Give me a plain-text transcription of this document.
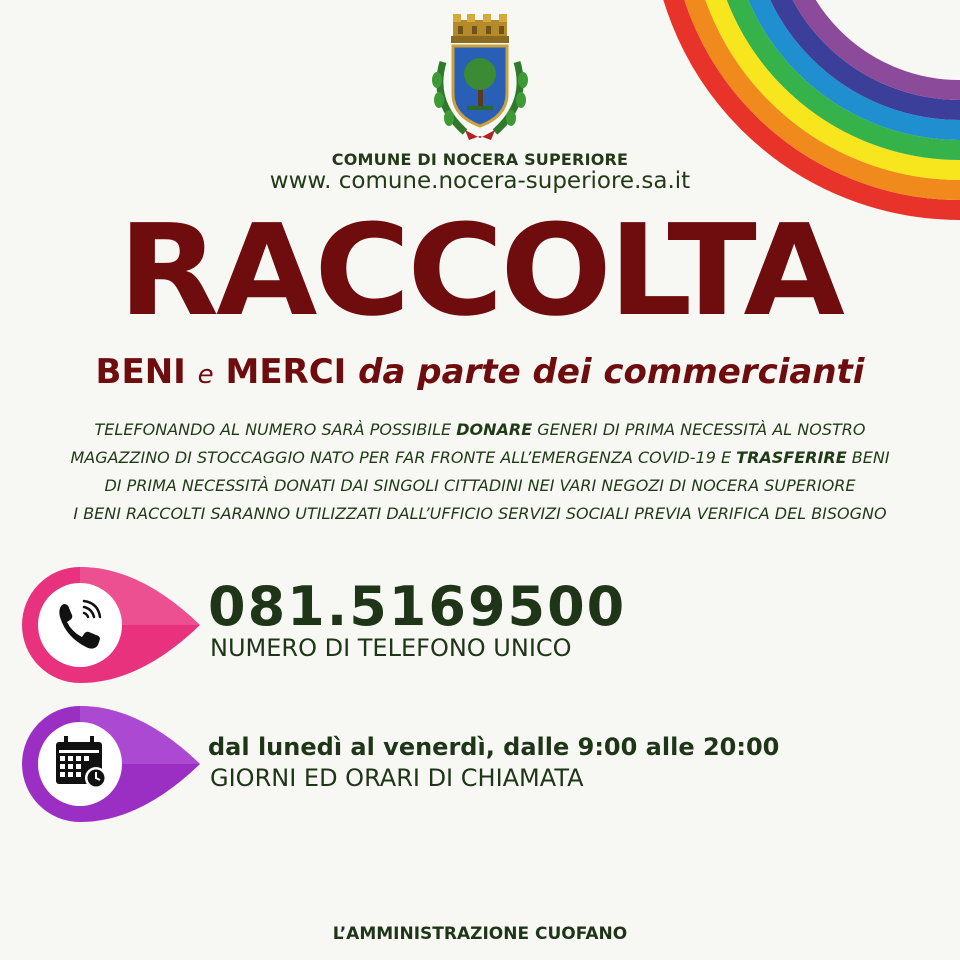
COMUNE DI NOCERA SUPERIORE
www. comune.nocera-superiore.sa.it
RACCOLTA
BENI e MERCI da parte dei commercianti
TELEFONANDO AL NUMERO SARÀ POSSIBILE DONARE GENERI DI PRIMA NECESSITÀ AL NOSTRO
MAGAZZINO DI STOCCAGGIO NATO PER FAR FRONTE ALL’EMERGENZA COVID-19 E TRASFERIRE BENI
DI PRIMA NECESSITÀ DONATI DAI SINGOLI CITTADINI NEI VARI NEGOZI DI NOCERA SUPERIORE
I BENI RACCOLTI SARANNO UTILIZZATI DALL’UFFICIO SERVIZI SOCIALI PREVIA VERIFICA DEL BISOGNO
081.5169500
NUMERO DI TELEFONO UNICO
dal lunedì al venerdì, dalle 9:00 alle 20:00
GIORNI ED ORARI DI CHIAMATA
L’AMMINISTRAZIONE CUOFANO
